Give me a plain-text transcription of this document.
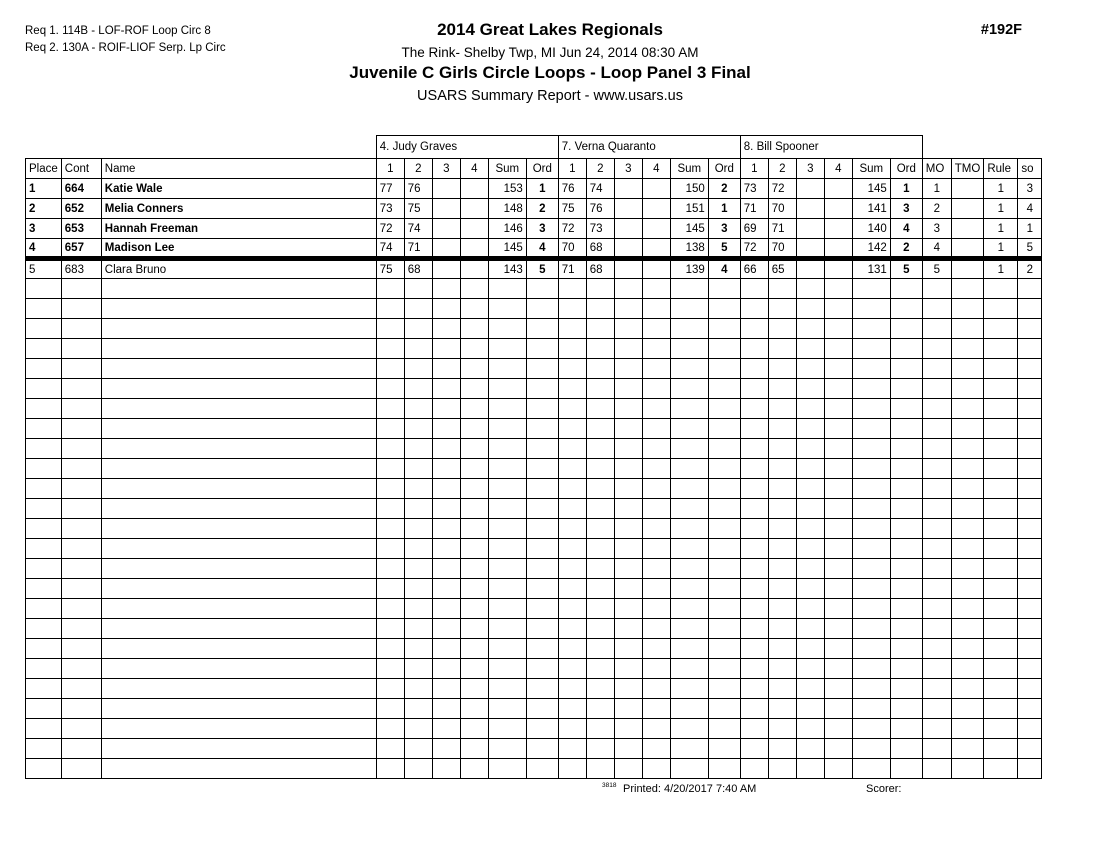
Req 1. 114B - LOF-ROF Loop Circ 8
Req 2. 130A - ROIF-LIOF Serp. Lp Circ
2014 Great Lakes Regionals
The Rink- Shelby Twp, MI Jun 24, 2014 08:30 AM
Juvenile C Girls Circle Loops - Loop Panel 3 Final
USARS Summary Report - www.usars.us
#192F
			4. Judy Graves						7. Verna Quaranto						8. Bill Spooner									
Place	Cont	Name	1	2	3	4	Sum	Ord	1	2	3	4	Sum	Ord	1	2	3	4	Sum	Ord	MO	TMO	Rule	so
1	664	Katie Wale	77	76			153	1	76	74			150	2	73	72			145	1	1		1	3
2	652	Melia Conners	73	75			148	2	75	76			151	1	71	70			141	3	2		1	4
3	653	Hannah Freeman	72	74			146	3	72	73			145	3	69	71			140	4	3		1	1
4	657	Madison Lee	74	71			145	4	70	68			138	5	72	70			142	2	4		1	5
5	683	Clara Bruno	75	68			143	5	71	68			139	4	66	65			131	5	5		1	2

3818 Printed: 4/20/2017 7:40 AM	Scorer:
